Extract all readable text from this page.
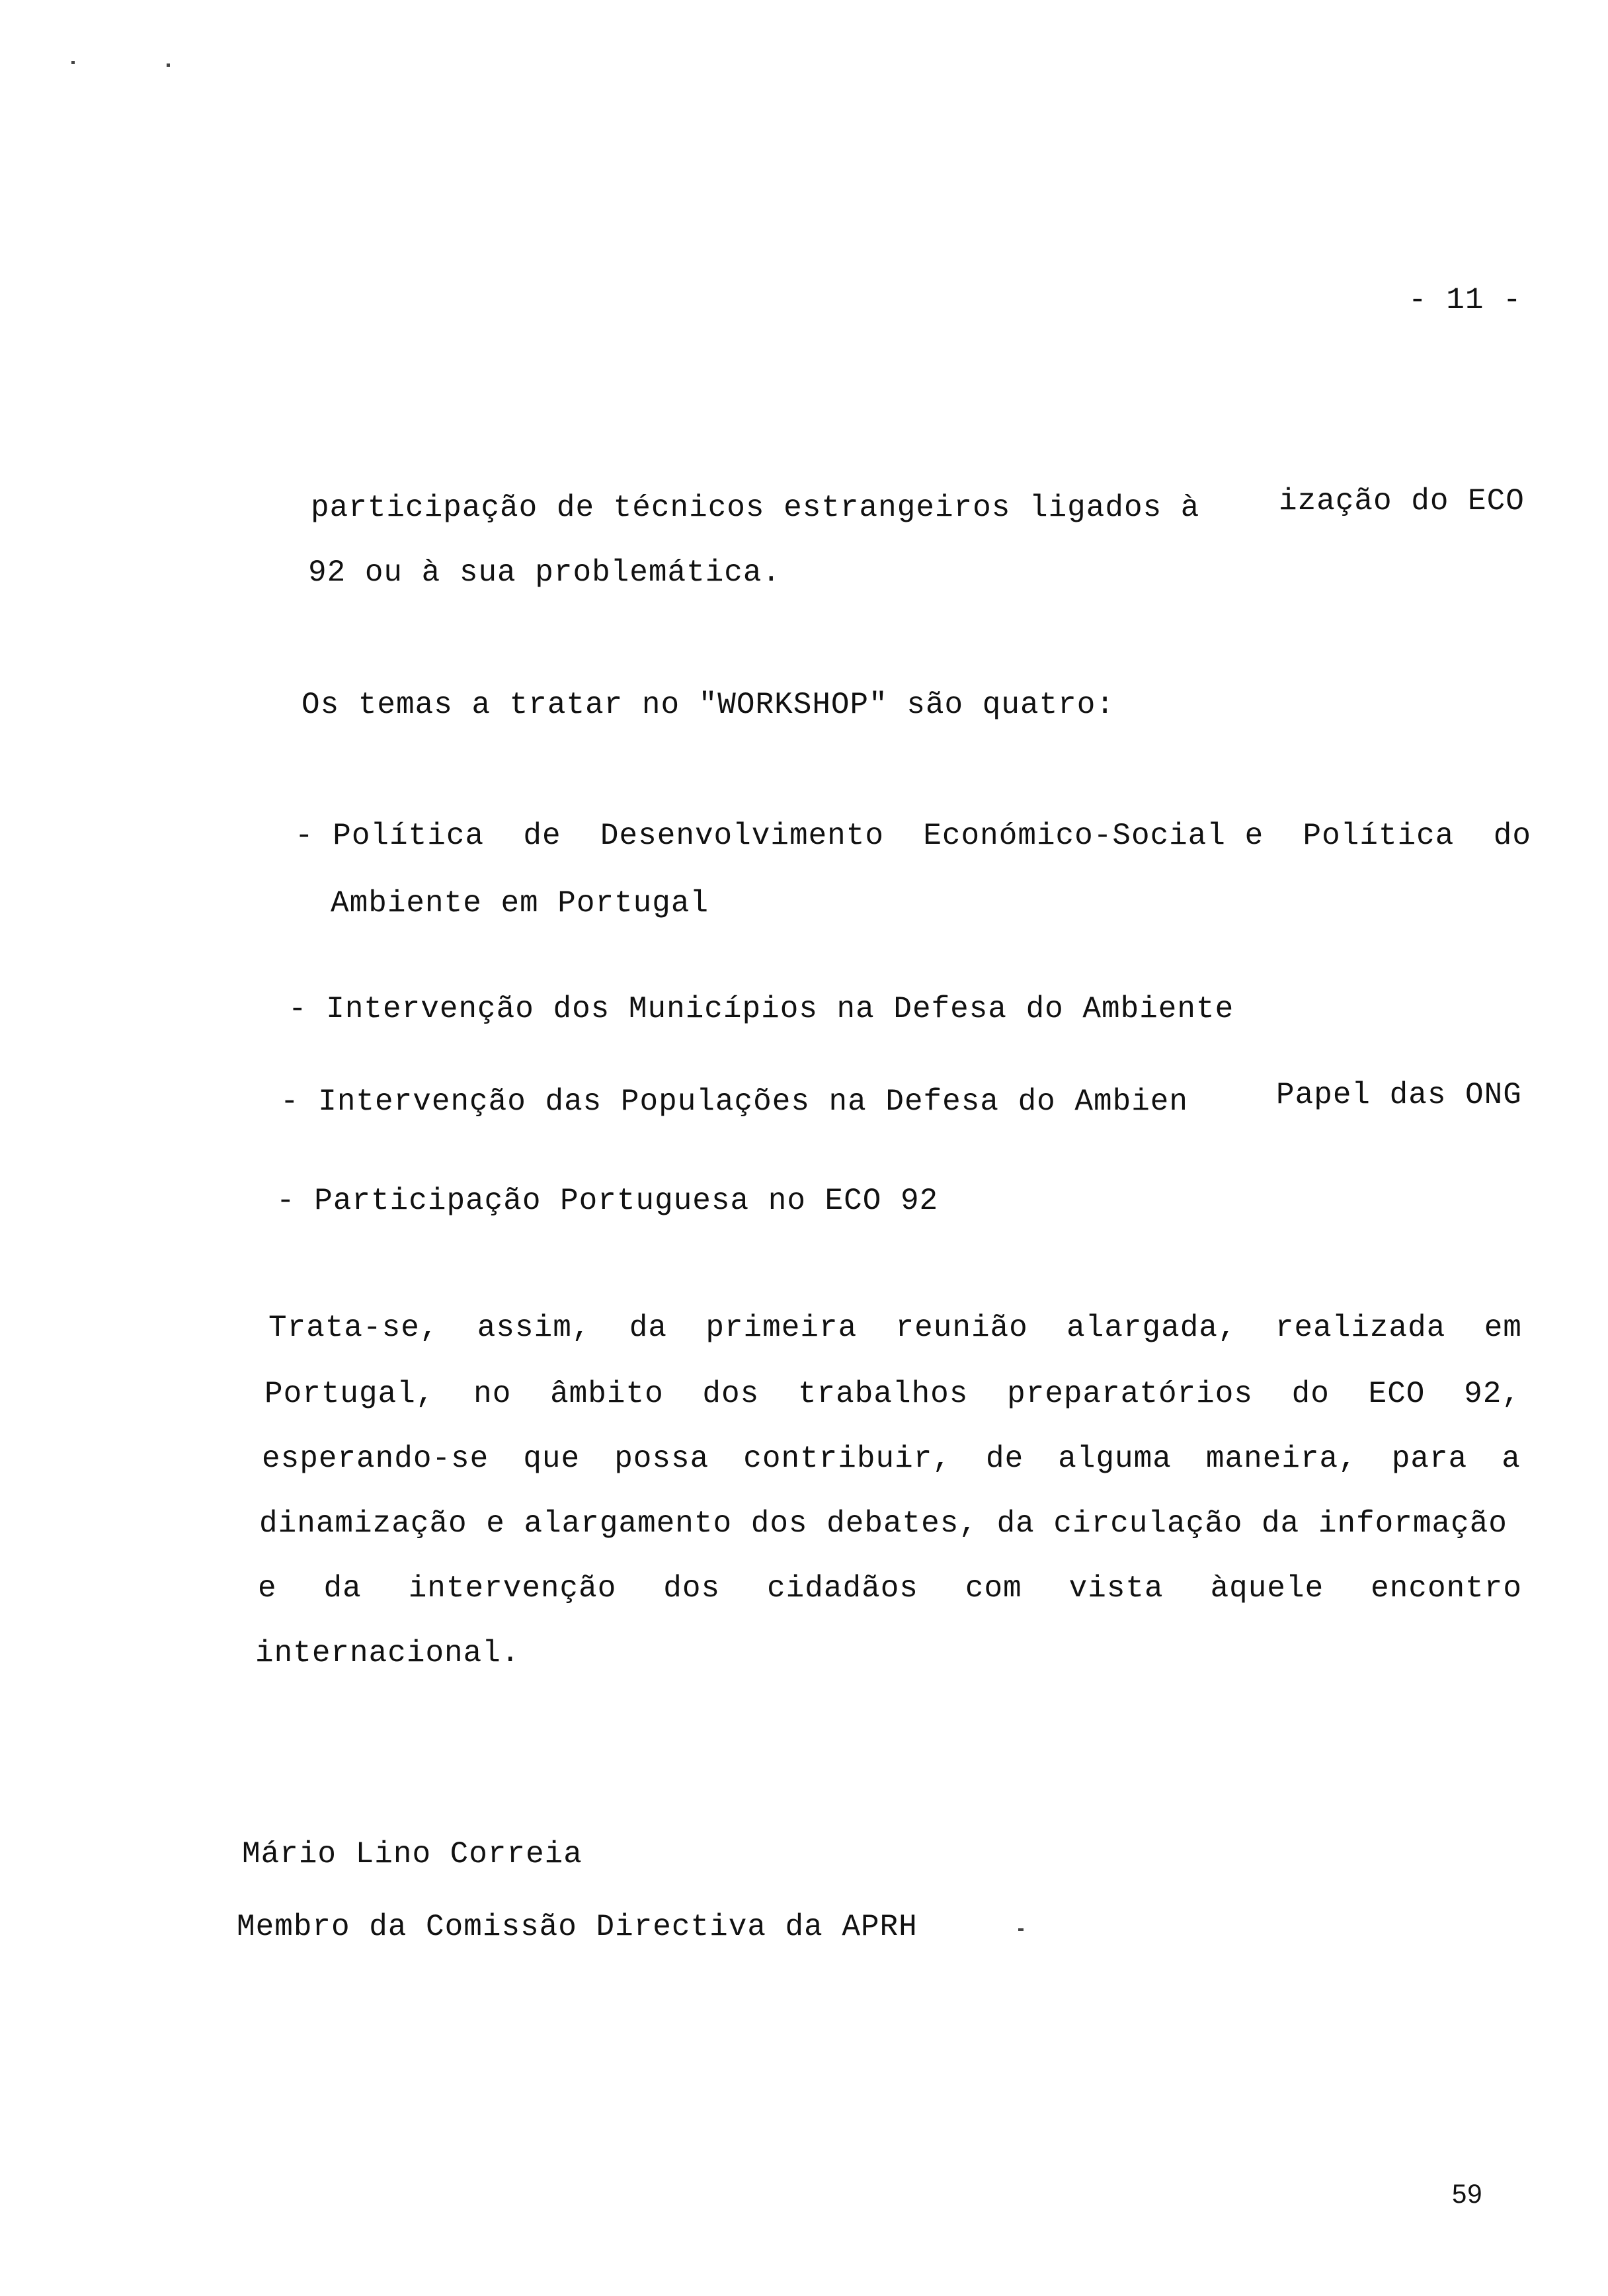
- 11 -
participação de técnicos estrangeiros ligados à	ização do ECO
92 ou à sua problemática.
Os temas a tratar no "WORKSHOP" são quatro:
- Política de Desenvolvimento Económico-Social e Política do
Ambiente em Portugal
- Intervenção dos Municípios na Defesa do Ambiente
- Intervenção das Populações na Defesa do Ambien	Papel das ONG
- Participação Portuguesa no ECO 92
Trata-se, assim, da primeira reunião alargada, realizada em
Portugal, no âmbito dos trabalhos preparatórios do ECO 92,
esperando-se que possa contribuir, de alguma maneira, para a
dinamização e alargamento dos debates, da circulação da informação
e da intervenção dos cidadãos com vista àquele encontro
internacional.
Mário Lino Correia
Membro da Comissão Directiva da APRH
59
